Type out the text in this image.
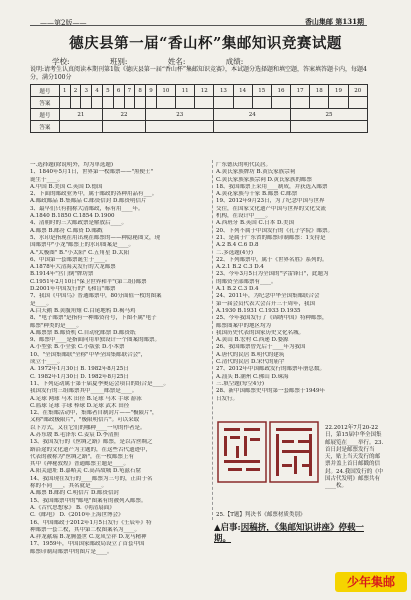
——第2版——	香山集邮 第131期
德庆县第一届“香山杯”集邮知识竞赛试题
学校:	班别:	姓名:	成绩:
说明:请考生认真阅读本期刊第1版《德庆县第一届“香山杯”集邮知识竞赛》，本试题分选择题和填空题，答案填答题卡内，每题4分，满分100分
题号	1	2	3	4	5	6	7	8	9	10	11	12	13	14	15	16	17	18	19	20
答案																				
题号	21				22				23				24				25			
答案																				
一.选择题(除说明外，均为单选题)
1、1840年5月1日，世界第一枚邮票——"黑便士"
诞生于____。
A.中国 B.美国 C.英国 D.德国
2、下面的邮政业务中，属于邮政的各种用品有___。
A.邮政邮品 B.集邮品 C.邮资信封 D.邮资明信片
3、最早们只有拥称大清邮政，标有用____年。
A.1840 B.1850 C.1854 D.1900
4、清朝时的三大邮政票是解放后____。
A.邮票 B.邮符 C.邮资 D.邮戳
5、水印是指现在用出现在邮票的——种隐秘图文，现
国邮票中"小龙"邮票上的水印图案是____。
A."太极图" B."小太阳" C.五角星 D.太阳
6、中国第一套邮票诞生于____。
A.1878年大清海关发行的大龙邮票
B.1914年"宫门倒"牌坊票
C.1951年2月10日"保卫世界和平"(第二组)邮票
D.2001年中国发行的"飞和盲"邮票
7、我国《中国鸟》普通邮票中，80分面值一枚的图案
是____。
A.白天鹅 B.黄腹角雉 C.白尾地鸦 D.褐马鸡
8、"电子邮票"是指有一种邮资符号，下图不属"电子
邮票"种类的是____。
A.邮票票 B.邮资机 C.自动化邮票 D.邮资纸
9、邮票中____是指面向用单独设计一个图案的邮票。
A.小型张 B.小全张 C.小版张 D.小本票
10、"全国集邮联"全称"中华全国集邮联合会"，
成立于____。
A. 1972年1月30日 B. 1982年8月25日
C. 1982年1月30日 D. 1982年8月25日
11、下列运动属于第十届夏季奥运会项目的组合是____。
我国发行的三组邮票其中_____邮票是____。
A.足球 网球 马术 田径 B.足球 马术 手球 游泳
C.篮球 足球 手球 棒球 D.足球 武术 田径
12、在集邮活动中，集邮者自制封片——"极限片"，
又称"邮政极限片"，"极限明信片"。可以采取
以下方式，又在它们的哪种____一句的作者是。
A.苏东坡 B.毛泽东 C.姜宸 D.李清照
13、我国发行的《丝绸之路》邮票，是以古丝绸之
路沿途的文化遗产为主题的，在这些古代遗迹中，
代表的被称为"丝绸之路"，在一枚邮票上有
其中《神秘敦煌》普通邮票主题是____。
A.阳关遗址 B.嘉峪关 C.高昌故城 D.龟兹石窟
14、我国现在发行的____邮票为三号的，正由于名
称的不同____，其名就是____。
A.邮票 B.邮的 C.明信片 D.邮资信封
15、我国邮票中的"邮电"图案有的被列入邮票。
A.《古代思想家》 B.《明清扇面》
C.《邮电》 D.《2010年上海世博会》
16、中国邮政于2012年1月5日发行《壬辰年》特
种邮票一套二枚，其中第二枚图案名为____。
A.祥龙献瑞 B.龙腾盛世 C.龙凤呈祥 D.龙马精神
17、1959年，中国国家邮政局设立了首套中国
邮票印制局邮票中的图片是____。
广东德庆的明代民居。
A.黄氏家族牌坊 B.黄氏家族宗祠
C.黄氏家族家族宗祠 D.黄氏家族的邮票
18、我国邮票上采用____制成，并获选入邮票
A.黄花家族与十家 B.邮票 C.邮票
19、2012年9月23日，为了纪念中国与世界
交往，在国家文化遗产中国与世界的文化交流
机构，在设计中____。
A.西班牙 B.英国 C.日本 D.美国
20、下列不属于中国发行的《孔子学院》邮票。
21、是属于广东省的邮票印制邮票：1支持是
A.2 B.4 C.6 D.8
二.多选题(4分)
22、下列邮票中，属于《世界名胜》系列的。
A.2.1 B.2 C.3 D.4
23、今年3月5日为全国的"学雷锋日"，此题为
的邮资全部邮票有____。
A.1 B.2 C.3 D.4
24、2011年，为纪念中华全国集邮联合会
第一届会员代表大会召开三十周年，我国
A.1930 B.1931 C.1933 D.1935
25、今年我国发行了《锦绣中国》特种邮票，
邮票图案中的地区均为
我国历史代表的国家历史文化名城。
A.黄山 B.宏村 C.西递 D.婺源
26、我国邮票曾先后于____年为我国
A.唐代的民居 B.明代的建筑
C.清代的民居 D.宋代的庙宇
27、2012年中国邮政发行的邮票年册总数。
A.汕头 B.潮州 C.佛山 D.珠海
三.填空题(每空4分)
28、新中国邮票史中的第一套邮票于1949年
日发行。
22.2012年7月20-22日，第15届中华全国集邮展览在____举行。23.首日封是邮票发行当天，贴上当天发行的邮票并盖上首日邮戳的信封。24.我国发行的《中国古代发明》邮票共有____枚。
25.【T题】判决书《邮票材质类别》
▲启事:因稿挤，《集邮知识讲座》停载一期。
少年集邮
